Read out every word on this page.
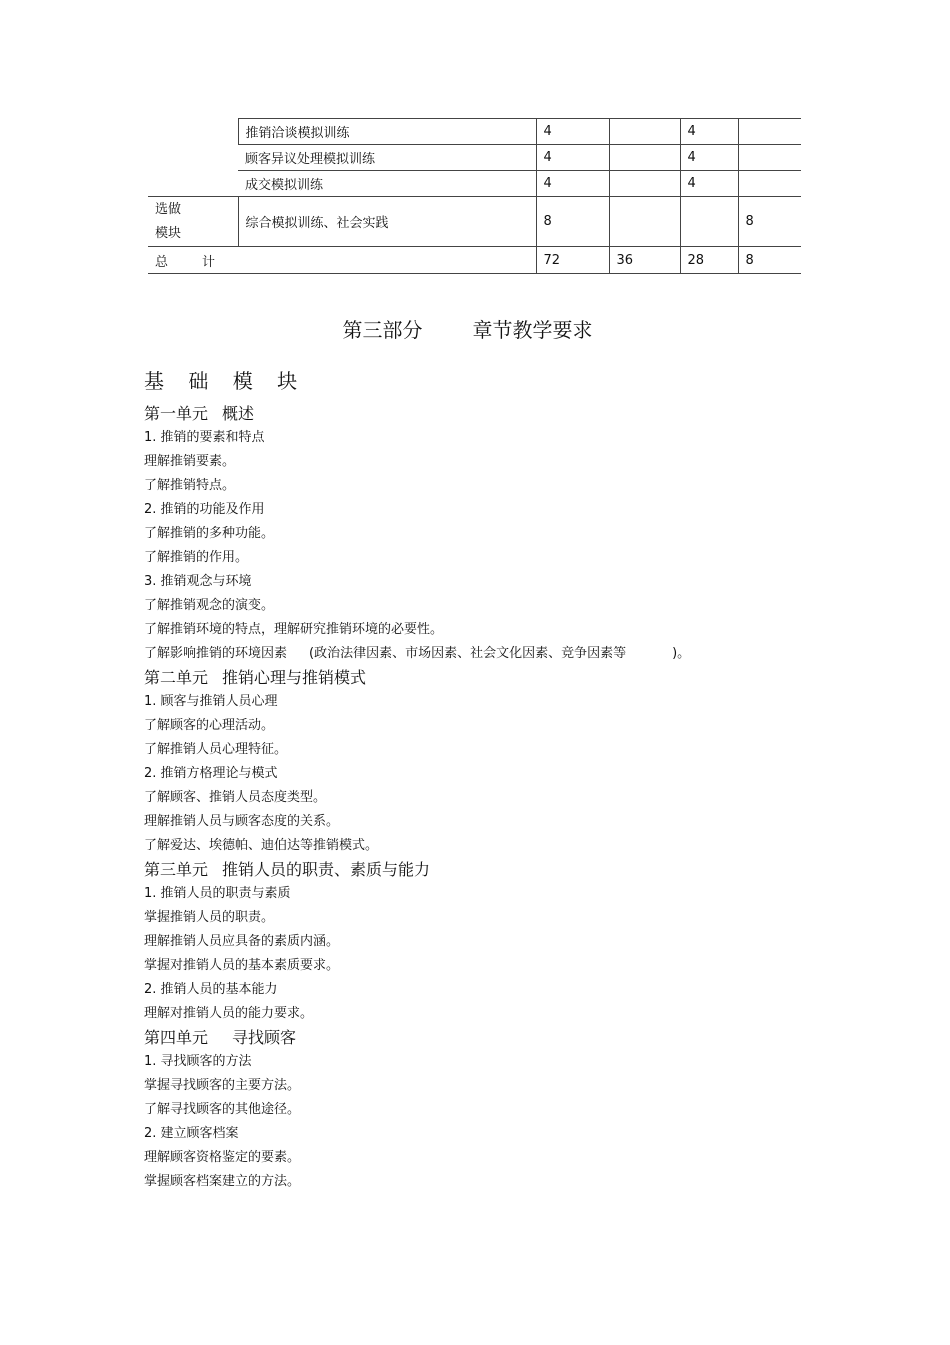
	推销洽谈模拟训练	4		4	
	顾客异议处理模拟训练	4		4	
	成交模拟训练	4		4	

选做
模块	综合模拟训练、社会实践	8			8
总 计		72	36	28	8
第三部分	章节教学要求
基 础 模 块
第一单元 概述
1. 推销的要素和特点
理解推销要素。
了解推销特点。
2. 推销的功能及作用
了解推销的多种功能。
了解推销的作用。
3. 推销观念与环境
了解推销观念的演变。
了解推销环境的特点，理解研究推销环境的必要性。
了解影响推销的环境因素 (政治法律因素、市场因素、社会文化因素、竞争因素等	)。
第二单元 推销心理与推销模式
1. 顾客与推销人员心理
了解顾客的心理活动。
了解推销人员心理特征。
2. 推销方格理论与模式
了解顾客、推销人员态度类型。
理解推销人员与顾客态度的关系。
了解爱达、埃德帕、迪伯达等推销模式。
第三单元 推销人员的职责、素质与能力
1. 推销人员的职责与素质
掌握推销人员的职责。
理解推销人员应具备的素质内涵。
掌握对推销人员的基本素质要求。
2. 推销人员的基本能力
理解对推销人员的能力要求。
第四单元 寻找顾客
1. 寻找顾客的方法
掌握寻找顾客的主要方法。
了解寻找顾客的其他途径。
2. 建立顾客档案
理解顾客资格鉴定的要素。
掌握顾客档案建立的方法。
